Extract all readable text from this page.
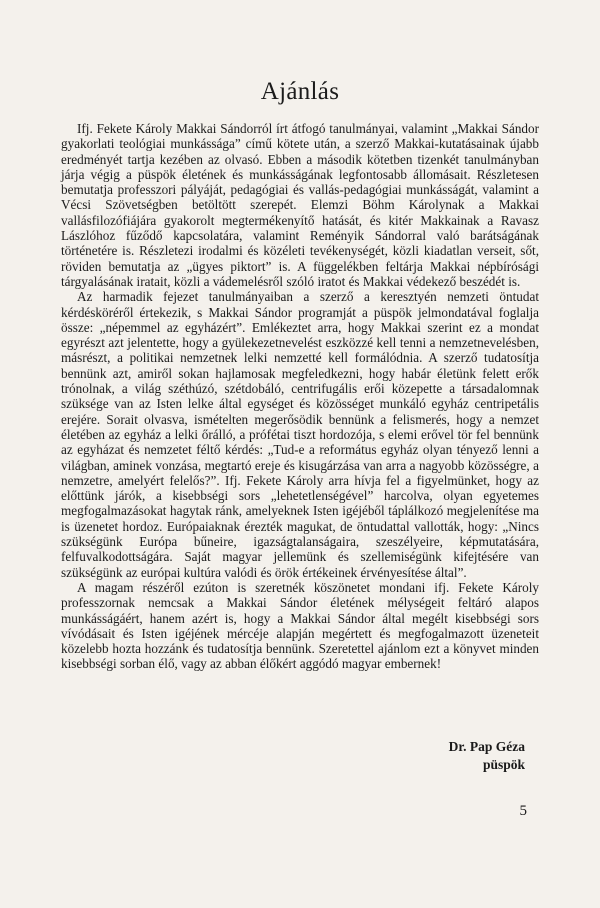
Ajánlás

Ifj. Fekete Károly Makkai Sándorról írt átfogó tanulmányai, valamint „Makkai Sándor gyakorlati teológiai munkássága” című kötete után, a szerző Makkai-kutatásainak újabb eredményét tartja kezében az olvasó. Ebben a második kötetben tizenkét tanulmányban járja végig a püspök életének és munkásságának legfontosabb állomásait. Részletesen bemutatja professzori pályáját, pedagógiai és vallás-pedagógiai munkásságát, valamint a Vécsi Szövetségben betöltött szerepét. Elemzi Böhm Károlynak a Makkai vallásfilozófiájára gyakorolt megtermékenyítő hatását, és kitér Makkainak a Ravasz Lászlóhoz fűződő kapcsolatára, valamint Reményik Sándorral való barátságának történetére is. Részletezi irodalmi és közéleti tevékenységét, közli kiadatlan verseit, sőt, röviden bemutatja az „ügyes piktort” is. A függelékben feltárja Makkai népbírósági tárgyalásának iratait, közli a vádemelésről szóló iratot és Makkai védekező beszédét is.

Az harmadik fejezet tanulmányaiban a szerző a keresztyén nemzeti öntudat kérdésköréről értekezik, s Makkai Sándor programját a püspök jelmondatával foglalja össze: „népemmel az egyházért”. Emlékeztet arra, hogy Makkai szerint ez a mondat egyrészt azt jelentette, hogy a gyülekezetnevelést eszközzé kell tenni a nemzetnevelésben, másrészt, a politikai nemzetnek lelki nemzetté kell formálódnia. A szerző tudatosítja bennünk azt, amiről sokan hajlamosak megfeledkezni, hogy habár életünk felett erők trónolnak, a világ széthúzó, szétdobáló, centrifugális erői közepette a társadalomnak szüksége van az Isten lelke által egységet és közösséget munkáló egyház centripetális erejére. Sorait olvasva, ismételten megerősödik bennünk a felismerés, hogy a nemzet életében az egyház a lelki őrálló, a prófétai tiszt hordozója, s elemi erővel tör fel bennünk az egyházat és nemzetet féltő kérdés: „Tud-e a református egyház olyan tényező lenni a világban, aminek vonzása, megtartó ereje és kisugárzása van arra a nagyobb közösségre, a nemzetre, amelyért felelős?”. Ifj. Fekete Károly arra hívja fel a figyelmünket, hogy az előttünk járók, a kisebbségi sors „lehetetlenségével” harcolva, olyan egyetemes megfogalmazásokat hagytak ránk, amelyeknek Isten igéjéből táplálkozó megjelenítése ma is üzenetet hordoz. Európaiaknak érezték magukat, de öntudattal vallották, hogy: „Nincs szükségünk Európa bűneire, igazságtalanságaira, szeszélyeire, képmutatására, felfuvalkodottságára. Saját magyar jellemünk és szellemiségünk kifejtésére van szükségünk az európai kultúra valódi és örök értékeinek érvényesítése által”.

A magam részéről ezúton is szeretnék köszönetet mondani ifj. Fekete Károly professzornak nemcsak a Makkai Sándor életének mélységeit feltáró alapos munkásságáért, hanem azért is, hogy a Makkai Sándor által megélt kisebbségi sors vívódásait és Isten igéjének mércéje alapján megértett és megfogalmazott üzeneteit közelebb hozta hozzánk és tudatosítja bennünk. Szeretettel ajánlom ezt a könyvet minden kisebbségi sorban élő, vagy az abban élőkért aggódó magyar embernek!

Dr. Pap Géza
püspök
5
